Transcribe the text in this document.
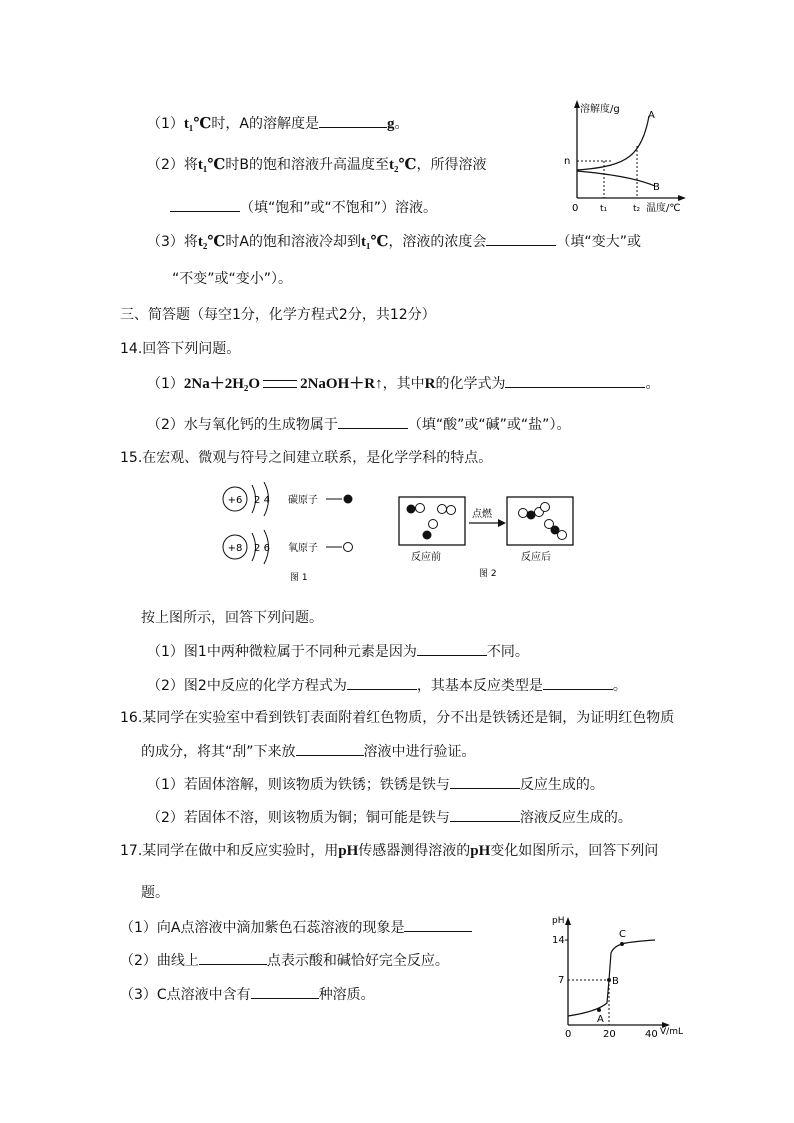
（1）t₁℃时，A的溶解度是	g。
（2）将t₁℃时B的饱和溶液升高温度至t₂℃，所得溶液
（填“饱和”或“不饱和”）溶液。
（3）将t₂℃时A的饱和溶液冷却到t₁℃，溶液的浓度会	（填“变大”或
“不变”或“变小”）。
溶解度/g
A
B
n
0 t₁	t₂ 温度/℃
三、简答题（每空1分，化学方程式2分，共12分）
14.回答下列问题。
（1）2Na＋2H₂O	2NaOH＋R↑，其中R的化学式为	。
（2）水与氧化钙的生成物属于	（填“酸”或“碱”或“盐”）。
15.在宏观、微观与符号之间建立联系，是化学学科的特点。
+6 2 4 碳原子
+8 2 6 氧原子
图 1
点燃
反应前	反应后
图 2
按上图所示，回答下列问题。
（1）图1中两种微粒属于不同种元素是因为	不同。
（2）图2中反应的化学方程式为	，其基本反应类型是	。
16.某同学在实验室中看到铁钉表面附着红色物质，分不出是铁锈还是铜，为证明红色物质
的成分，将其“刮”下来放	溶液中进行验证。
（1）若固体溶解，则该物质为铁锈；铁锈是铁与	反应生成的。
（2）若固体不溶，则该物质为铜；铜可能是铁与	溶液反应生成的。
17.某同学在做中和反应实验时，用pH传感器测得溶液的pH变化如图所示，回答下列问
题。
（1）向A点溶液中滴加紫色石蕊溶液的现象是
（2）曲线上	点表示酸和碱恰好完全反应。
（3）C点溶液中含有	种溶质。
pH
14
7
A
B
C
0	20	40 V/mL
